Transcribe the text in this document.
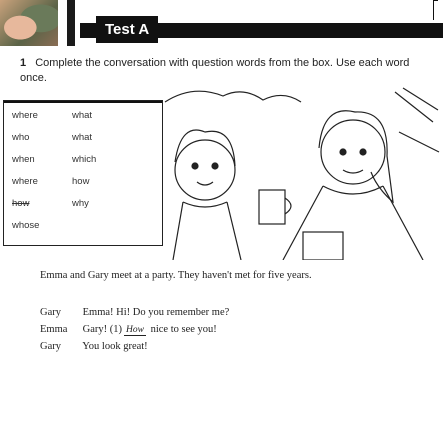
Test A
1 Complete the conversation with question words from the box. Use each word once.
where	what
who	what
when	which
where	how
how	why
whose
Emma and Gary meet at a party. They haven't met for five years.
Gary Emma! Hi! Do you remember me?
Emma Gary! (1) How nice to see you!
Gary You look great!
